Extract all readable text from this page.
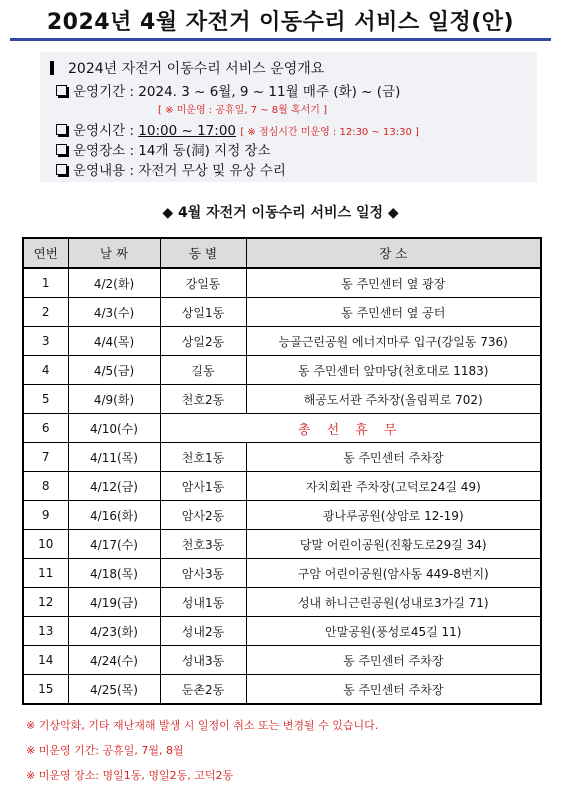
2024년 4월 자전거 이동수리 서비스 일정(안)
2024년 자전거 이동수리 서비스 운영개요
운영기간 : 2024. 3 ~ 6월, 9 ~ 11월 매주 (화) ~ (금)
[ ※ 미운영 : 공휴일, 7 ~ 8월 혹서기 ]
운영시간 : 10:00 ~ 17:00 [ ※ 점심시간 미운영 : 12:30 ~ 13:30 ]
운영장소 : 14개 동(洞) 지정 장소
운영내용 : 자전거 무상 및 유상 수리
◆ 4월 자전거 이동수리 서비스 일정 ◆
연번	날 짜	동 별	장 소
1	4/2(화)	강일동	동 주민센터 옆 광장
2	4/3(수)	상일1동	동 주민센터 옆 공터
3	4/4(목)	상일2동	능골근린공원 에너지마루 입구(강일동 736)
4	4/5(금)	길동	동 주민센터 앞마당(천호대로 1183)
5	4/9(화)	천호2동	해공도서관 주차장(올림픽로 702)
6	4/10(수)	총 선 휴 무	
7	4/11(목)	천호1동	동 주민센터 주차장
8	4/12(금)	암사1동	자치회관 주차장(고덕로24길 49)
9	4/16(화)	암사2동	광나루공원(상암로 12-19)
10	4/17(수)	천호3동	당말 어린이공원(진황도로29길 34)
11	4/18(목)	암사3동	구암 어린이공원(암사동 449-8번지)
12	4/19(금)	성내1동	성내 하니근린공원(성내로3가길 71)
13	4/23(화)	성내2동	안말공원(풍성로45길 11)
14	4/24(수)	성내3동	동 주민센터 주차장
15	4/25(목)	둔촌2동	동 주민센터 주차장
※ 기상악화, 기타 재난재해 발생 시 일정이 취소 또는 변경될 수 있습니다.
※ 미운영 기간: 공휴일, 7월, 8월
※ 미운영 장소: 명일1동, 명일2동, 고덕2동
